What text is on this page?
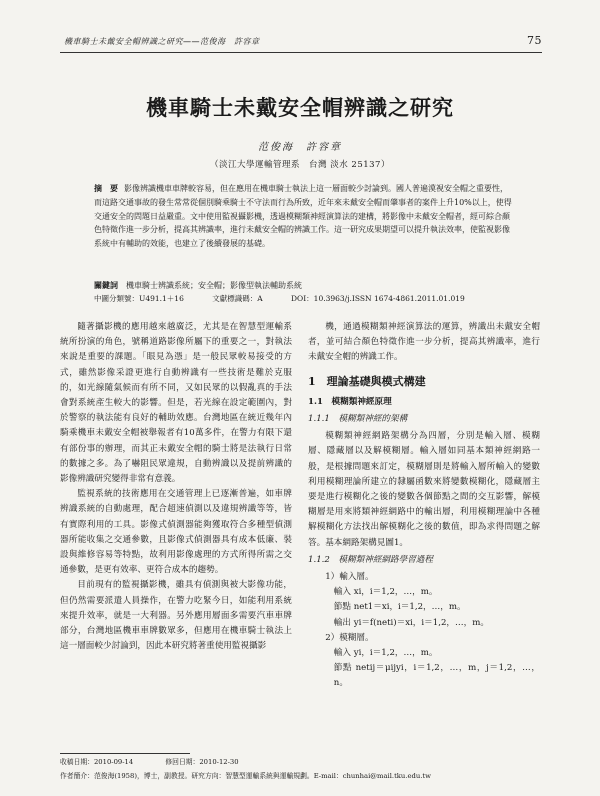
機車騎士未戴安全帽辨識之研究——范俊海　許容章	75
機車騎士未戴安全帽辨識之研究
范俊海　許容章
（淡江大學運輸管理系　台灣 淡水 25137）
摘　要 影像辨識機車車牌較容易，但在應用在機車騎士執法上這一層面較少討論到。國人普遍漠視安全帽之重要性，而這路交通事故的發生常常從個別騎乘騎士不守法而行為所致，近年來未戴安全帽而肇事者的案件上升10%以上，使得交通安全的問題日益嚴重。文中使用監視攝影機，透過模糊類神經演算法的建構，將影像中未戴安全帽者，經可綜合顏色特徵作進一步分析，提高其辨識率，進行未戴安全帽的辨識工作。這一研究成果期望可以提升執法效率，使監視影像系統中有輔助的效能，也建立了後續發展的基礎。
關鍵詞　 機車騎士辨識系統；安全帽；影像型執法輔助系統
中圖分類號：U491.1＋16	文獻標識碼：A	DOI：10.3963/j.ISSN 1674-4861.2011.01.019

隨著攝影機的應用越來越廣泛，尤其是在智慧型運輸系統所扮演的角色，號稱道路影像所屬下的重要之一，對執法來說是重要的課題。「眼見為憑」是一般民眾較易接受的方式，雖然影像采證更進行自動辨識有一些技術是難於克服的，如光線隨氣候而有所不同，又如民眾的以假亂真的手法會對系統產生較大的影響。但是，若光線在設定範圍內，對於警察的執法能有良好的輔助效應。台灣地區在統近幾年內騎乘機車未戴安全帽被舉報者有10萬多件，在警力有限下還有部份事的辦理，而其正未戴安全帽的騎士將是法執行日常的數據之多。為了嚇阻民眾違規，自動辨識以及提前辨識的影像辨識研究變得非常有意義。

監視系統的技術應用在交通管理上已逐漸普遍，如車牌辨識系統的自動處理，配合超速偵測以及違規辨識等等，皆有實際利用的工具。影像式偵測器能夠獲取符合多種型偵測器所能收集之交通參數，且影像式偵測器具有成本低廉、裝設與維修容易等特點，故利用影像處理的方式所得所需之交通參數，是更有效率、更符合成本的趨勢。

目前現有的監視攝影機，雖具有偵測與被大影像功能，但仍然需要派遣人員操作，在警力吃緊今日，如能利用系統來提升效率，就是一大利器。另外應用層面多需要汽車車牌部分，台灣地區機車車牌數眾多，但應用在機車騎士執法上這一層面較少討論到，因此本研究將著重使用監視攝影

機，通過模糊類神經演算法的運算，辨識出未戴安全帽者，並可結合顏色特徵作進一步分析，提高其辨識率，進行未戴安全帽的辨識工作。

1　理論基礎與模式構建
1.1　模糊類神經原理
1.1.1　模糊類神經的架構

模糊類神經網路架構分為四層，分別是輸入層、模糊層、隱藏層以及解模糊層。輸入層如同基本類神經網路一般，是根據問題來訂定，模糊層則是將輸入層所輸入的變數利用模糊理論所建立的隸屬函數來將變數模糊化，隱藏層主要是進行模糊化之後的變數各個節點之間的交互影響，解模糊層是用來將類神經網路中的輸出層，利用模糊理論中各種解模糊化方法找出解模糊化之後的數值，即為求得問題之解答。基本網路架構見圖1。

1.1.2　模糊類神經網路學習過程
1）輸入層。
輸入 xi，i＝1,2，…，m。
節點 net1＝xi，i＝1,2，…，m。
輸出 yi＝f(neti)＝xi，i＝1,2，…，m。
2）模糊層。
輸入 yi，i＝1,2，…，m。
節點 netij＝μijyi，i＝1,2，…，m，j＝1,2，…，n。
收稿日期：2010-09-14	修回日期：2010-12-30
作者簡介：范俊海(1958)，博士，副教授。研究方向：智慧型運輸系統與運輸規劃。E-mail：chunhai@mail.tku.edu.tw
